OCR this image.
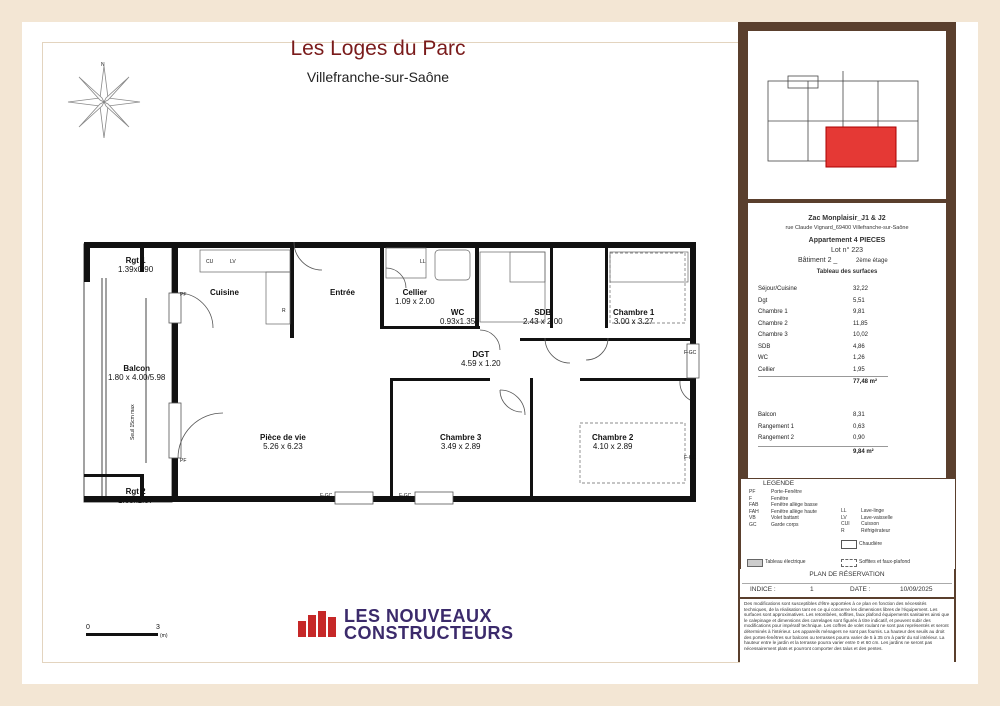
Les Loges du Parc
Villefranche-sur-Saône
N
Rgt 1
1.39x0.90
Cuisine	Entrée	Cellier
1.09 x 2.00
WC
0.93x1.35
SDB
2.43 x 2.00
Chambre 1
3.00 x 3.27
Balcon
1.80 x 4.00/5.98
DGT
4.59 x 1.20
Pièce de vie
5.26 x 6.23
Chambre 3
3.49 x 2.89
Chambre 2
4.10 x 2.89
Rgt 2
1.65x1.07
CU	LV	LL
R
PF
PF
F-GC	F-GC
F-GC
F-GC
Seuil 15cm max
0	3
(m)
LES NOUVEAUX
CONSTRUCTEURS
Zac Monplaisir_J1 & J2
rue Claude Vignard_69400 Villefranche-sur-Saône
Appartement 4 PIECES
Lot n° 223
Bâtiment 2 _	2ème étage
Tableau des surfaces
Séjour/Cuisine	32,22
Dgt	5,51
Chambre 1	9,81
Chambre 2	11,85
Chambre 3	10,02
SDB	4,86
WC	1,26
Cellier	1,95
77,48 m²
Balcon	8,31
Rangement 1	0,63
Rangement 2	0,90
9,84 m²
LEGENDE
PF	Porte-Fenêtre
F	Fenêtre
FAB	Fenêtre allège basse
FAH Fenêtre allège haute
VB	Volet battant
GC	Garde corps
LL	Lave-linge
LV	Lave-vaisselle
CUI Cuisson
R	Réfrigérateur
Chaudière
Tableau électrique	Soffites et faux-plafond
PLAN DE RÉSERVATION
INDICE :	1	DATE :	10/09/2025
Des modifications sont susceptibles d'être apportées à ce plan en fonction des nécessités techniques, de la réalisation tant en ce qui concerne les dimensions libres de l'équipement. Les surfaces sont approximatives. Les retombées, soffites, faux plafond équipements sanitaires ainsi que le calepinage et dimensions des carrelages sont figurés à titre indicatif, et peuvent subir des modifications pour impératif technique. Les coffres de volet roulant ne sont pas représentés et seront déterminés à l'intérieur. Les appareils ménagers ne sont pas fournis. La hauteur des seuils au droit des portes-fenêtres sur balcons ou terrasses pourra varier de 5 à 35 cm à partir du sol intérieur. La hauteur entre le jardin et la terrasse pourra varier entre 0 et 60 cm. Les jardins ne seront pas nécessairement plats et pourront comporter des talus et des pentes.
